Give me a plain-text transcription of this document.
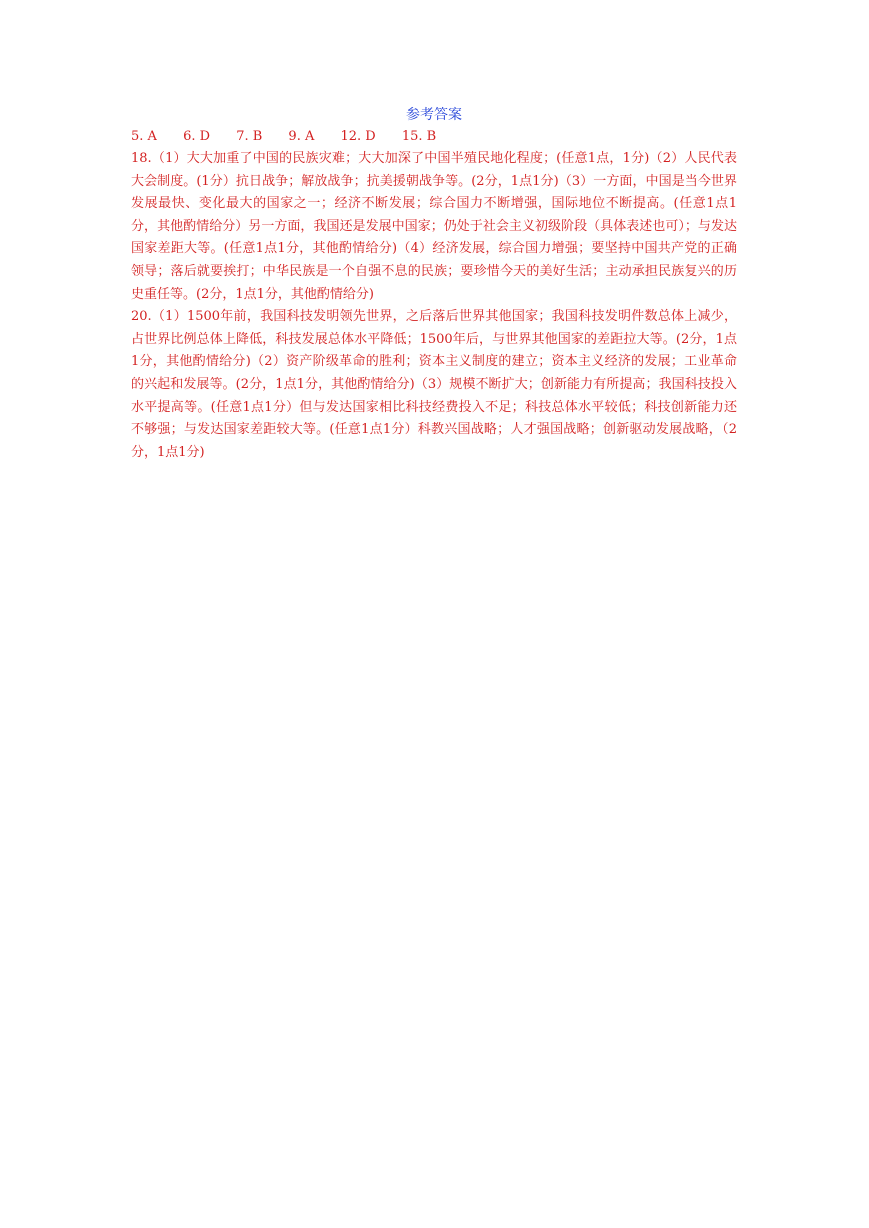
参考答案
5. A 6. D 7. B 9. A 12. D 15. B

18.（1）大大加重了中国的民族灾难；大大加深了中国半殖民地化程度；(任意1点，1分)（2）人民代表大会制度。(1分）抗日战争；解放战争；抗美援朝战争等。(2分，1点1分)（3）一方面，中国是当今世界发展最快、变化最大的国家之一；经济不断发展；综合国力不断增强，国际地位不断提高。(任意1点1分，其他酌情给分）另一方面，我国还是发展中国家；仍处于社会主义初级阶段（具体表述也可）；与发达国家差距大等。(任意1点1分，其他酌情给分)（4）经济发展，综合国力增强；要坚持中国共产党的正确领导；落后就要挨打；中华民族是一个自强不息的民族；要珍惜今天的美好生活；主动承担民族复兴的历史重任等。(2分，1点1分，其他酌情给分)

20.（1）1500年前，我国科技发明领先世界，之后落后世界其他国家；我国科技发明件数总体上减少，占世界比例总体上降低，科技发展总体水平降低；1500年后，与世界其他国家的差距拉大等。(2分，1点1分，其他酌情给分)（2）资产阶级革命的胜利；资本主义制度的建立；资本主义经济的发展；工业革命的兴起和发展等。(2分，1点1分，其他酌情给分)（3）规模不断扩大；创新能力有所提高；我国科技投入水平提高等。(任意1点1分）但与发达国家相比科技经费投入不足；科技总体水平较低；科技创新能力还不够强；与发达国家差距较大等。(任意1点1分）科教兴国战略；人才强国战略；创新驱动发展战略，（2分，1点1分)
